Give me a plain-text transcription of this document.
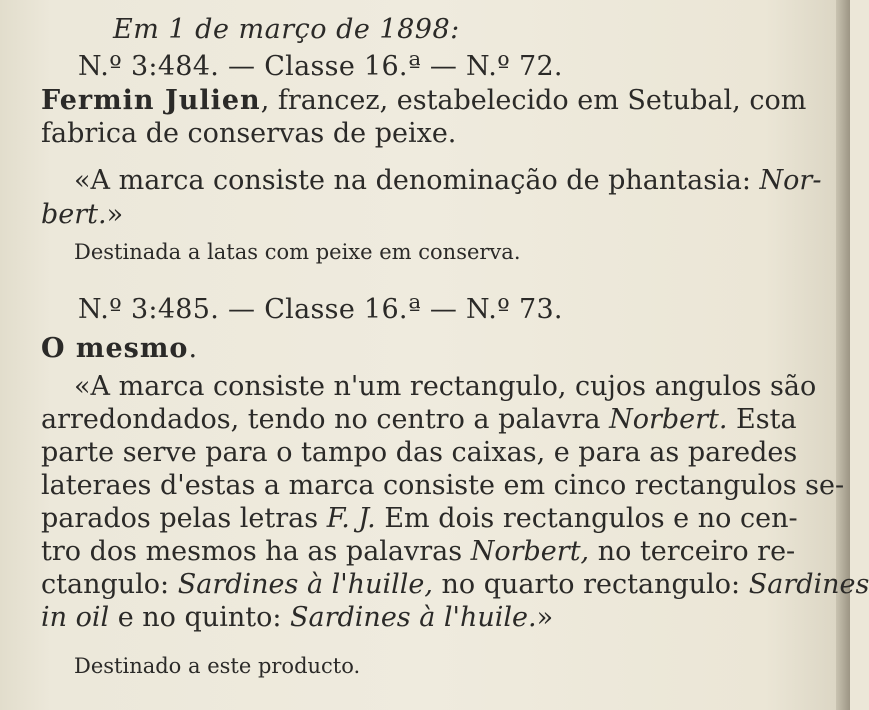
Em 1 de março de 1898:
N.º 3:484. — Classe 16.ª — N.º 72.
Fermin Julien, francez, estabelecido em Setubal, com
fabrica de conservas de peixe.
«A marca consiste na denominação de phantasia: Nor-
bert.»
Destinada a latas com peixe em conserva.
N.º 3:485. — Classe 16.ª — N.º 73.
O mesmo.
«A marca consiste n'um rectangulo, cujos angulos são
arredondados, tendo no centro a palavra Norbert. Esta
parte serve para o tampo das caixas, e para as paredes
lateraes d'estas a marca consiste em cinco rectangulos se-
parados pelas letras F. J. Em dois rectangulos e no cen-
tro dos mesmos ha as palavras Norbert, no terceiro re-
ctangulo: Sardines à l'huille, no quarto rectangulo: Sardines
in oil e no quinto: Sardines à l'huile.»
Destinado a este producto.
